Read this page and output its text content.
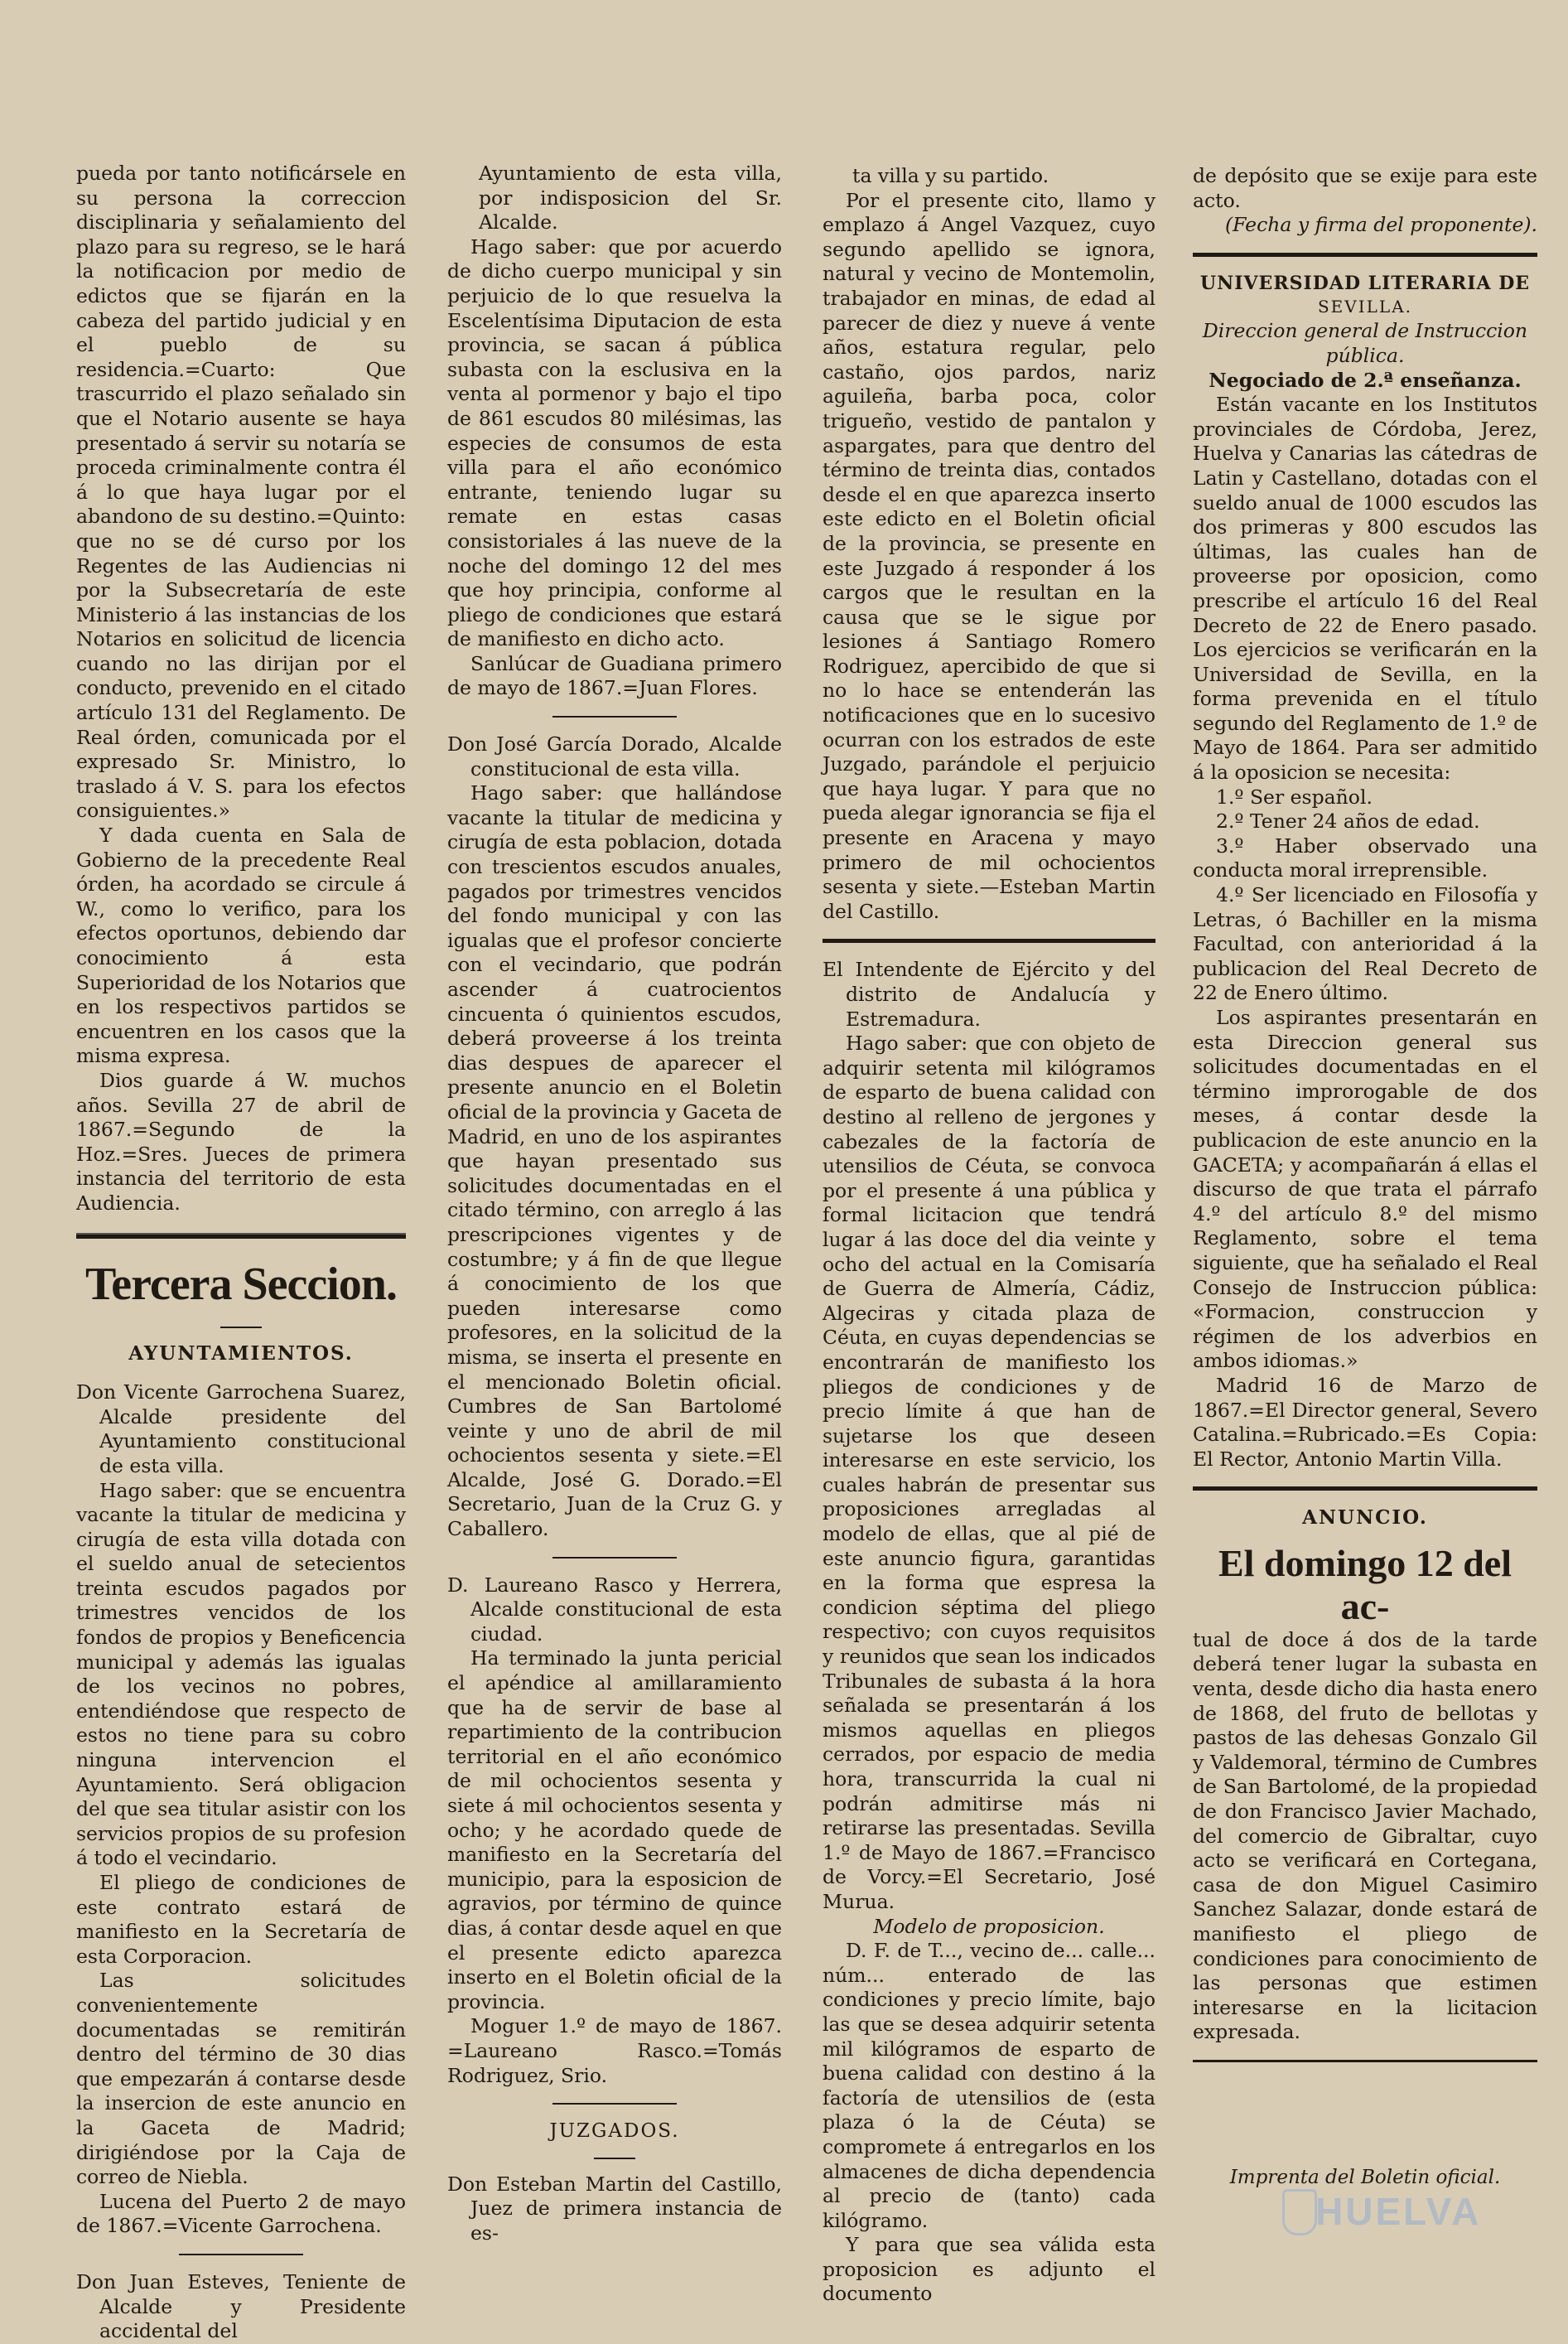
pueda por tanto notificársele en su persona la correccion disciplinaria y señalamiento del plazo para su regreso, se le hará la notificacion por medio de edictos que se fijarán en la cabeza del partido judicial y en el pueblo de su residencia.=Cuarto: Que trascurrido el plazo señalado sin que el Notario ausente se haya presentado á servir su notaría se proceda criminalmente contra él á lo que haya lugar por el abandono de su destino.=Quinto: que no se dé curso por los Regentes de las Audiencias ni por la Subsecretaría de este Ministerio á las instancias de los Notarios en solicitud de licencia cuando no las dirijan por el conducto, prevenido en el citado artículo 131 del Reglamento. De Real órden, comunicada por el expresado Sr. Ministro, lo traslado á V. S. para los efectos consiguientes.»

Y dada cuenta en Sala de Gobierno de la precedente Real órden, ha acordado se circule á W., como lo verifico, para los efectos oportunos, debiendo dar conocimiento á esta Superioridad de los Notarios que en los respectivos partidos se encuentren en los casos que la misma expresa.

Dios guarde á W. muchos años. Sevilla 27 de abril de 1867.=Segundo de la Hoz.=Sres. Jueces de primera instancia del territorio de esta Audiencia.

Tercera Seccion.
AYUNTAMIENTOS.

Don Vicente Garrochena Suarez, Alcalde presidente del Ayuntamiento constitucional de esta villa.

Hago saber: que se encuentra vacante la titular de medicina y cirugía de esta villa dotada con el sueldo anual de setecientos treinta escudos pagados por trimestres vencidos de los fondos de propios y Beneficencia municipal y además las igualas de los vecinos no pobres, entendiéndose que respecto de estos no tiene para su cobro ninguna intervencion el Ayuntamiento. Será obligacion del que sea titular asistir con los servicios propios de su profesion á todo el vecindario.

El pliego de condiciones de este contrato estará de manifiesto en la Secretaría de esta Corporacion.

Las solicitudes convenientemente documentadas se remitirán dentro del término de 30 dias que empezarán á contarse desde la insercion de este anuncio en la Gaceta de Madrid; dirigiéndose por la Caja de correo de Niebla.

Lucena del Puerto 2 de mayo de 1867.=Vicente Garrochena.

Don Juan Esteves, Teniente de Alcalde y Presidente accidental del

Ayuntamiento de esta villa, por indisposicion del Sr. Alcalde.

Hago saber: que por acuerdo de dicho cuerpo municipal y sin perjuicio de lo que resuelva la Escelentísima Diputacion de esta provincia, se sacan á pública subasta con la esclusiva en la venta al pormenor y bajo el tipo de 861 escudos 80 milésimas, las especies de consumos de esta villa para el año económico entrante, teniendo lugar su remate en estas casas consistoriales á las nueve de la noche del domingo 12 del mes que hoy principia, conforme al pliego de condiciones que estará de manifiesto en dicho acto.

Sanlúcar de Guadiana primero de mayo de 1867.=Juan Flores.

Don José García Dorado, Alcalde constitucional de esta villa.

Hago saber: que hallándose vacante la titular de medicina y cirugía de esta poblacion, dotada con trescientos escudos anuales, pagados por trimestres vencidos del fondo municipal y con las igualas que el profesor concierte con el vecindario, que podrán ascender á cuatrocientos cincuenta ó quinientos escudos, deberá proveerse á los treinta dias despues de aparecer el presente anuncio en el Boletin oficial de la provincia y Gaceta de Madrid, en uno de los aspirantes que hayan presentado sus solicitudes documentadas en el citado término, con arreglo á las prescripciones vigentes y de costumbre; y á fin de que llegue á conocimiento de los que pueden interesarse como profesores, en la solicitud de la misma, se inserta el presente en el mencionado Boletin oficial. Cumbres de San Bartolomé veinte y uno de abril de mil ochocientos sesenta y siete.=El Alcalde, José G. Dorado.=El Secretario, Juan de la Cruz G. y Caballero.

D. Laureano Rasco y Herrera, Alcalde constitucional de esta ciudad.

Ha terminado la junta pericial el apéndice al amillaramiento que ha de servir de base al repartimiento de la contribucion territorial en el año económico de mil ochocientos sesenta y siete á mil ochocientos sesenta y ocho; y he acordado quede de manifiesto en la Secretaría del municipio, para la esposicion de agravios, por término de quince dias, á contar desde aquel en que el presente edicto aparezca inserto en el Boletin oficial de la provincia.

Moguer 1.º de mayo de 1867. =Laureano Rasco.=Tomás Rodriguez, Srio.

JUZGADOS.

Don Esteban Martin del Castillo, Juez de primera instancia de es-

ta villa y su partido.

Por el presente cito, llamo y emplazo á Angel Vazquez, cuyo segundo apellido se ignora, natural y vecino de Montemolin, trabajador en minas, de edad al parecer de diez y nueve á vente años, estatura regular, pelo castaño, ojos pardos, nariz aguileña, barba poca, color trigueño, vestido de pantalon y aspargates, para que dentro del término de treinta dias, contados desde el en que aparezca inserto este edicto en el Boletin oficial de la provincia, se presente en este Juzgado á responder á los cargos que le resultan en la causa que se le sigue por lesiones á Santiago Romero Rodriguez, apercibido de que si no lo hace se entenderán las notificaciones que en lo sucesivo ocurran con los estrados de este Juzgado, parándole el perjuicio que haya lugar. Y para que no pueda alegar ignorancia se fija el presente en Aracena y mayo primero de mil ochocientos sesenta y siete.—Esteban Martin del Castillo.

El Intendente de Ejército y del distrito de Andalucía y Estremadura.

Hago saber: que con objeto de adquirir setenta mil kilógramos de esparto de buena calidad con destino al relleno de jergones y cabezales de la factoría de utensilios de Céuta, se convoca por el presente á una pública y formal licitacion que tendrá lugar á las doce del dia veinte y ocho del actual en la Comisaría de Guerra de Almería, Cádiz, Algeciras y citada plaza de Céuta, en cuyas dependencias se encontrarán de manifiesto los pliegos de condiciones y de precio límite á que han de sujetarse los que deseen interesarse en este servicio, los cuales habrán de presentar sus proposiciones arregladas al modelo de ellas, que al pié de este anuncio figura, garantidas en la forma que espresa la condicion séptima del pliego respectivo; con cuyos requisitos y reunidos que sean los indicados Tribunales de subasta á la hora señalada se presentarán á los mismos aquellas en pliegos cerrados, por espacio de media hora, transcurrida la cual ni podrán admitirse más ni retirarse las presentadas. Sevilla 1.º de Mayo de 1867.=Francisco de Vorcy.=El Secretario, José Murua.

Modelo de proposicion.

D. F. de T..., vecino de... calle... núm... enterado de las condiciones y precio límite, bajo las que se desea adquirir setenta mil kilógramos de esparto de buena calidad con destino á la factoría de utensilios de (esta plaza ó la de Céuta) se compromete á entregarlos en los almacenes de dicha dependencia al precio de (tanto) cada kilógramo.

Y para que sea válida esta proposicion es adjunto el documento

de depósito que se exije para este acto.

(Fecha y firma del proponente).

UNIVERSIDAD LITERARIA DE
SEVILLA.

Direccion general de Instruccion pública.

Negociado de 2.ª enseñanza.

Están vacante en los Institutos provinciales de Córdoba, Jerez, Huelva y Canarias las cátedras de Latin y Castellano, dotadas con el sueldo anual de 1000 escudos las dos primeras y 800 escudos las últimas, las cuales han de proveerse por oposicion, como prescribe el artículo 16 del Real Decreto de 22 de Enero pasado. Los ejercicios se verificarán en la Universidad de Sevilla, en la forma prevenida en el título segundo del Reglamento de 1.º de Mayo de 1864. Para ser admitido á la oposicion se necesita:

1.º Ser español.

2.º Tener 24 años de edad.

3.º Haber observado una conducta moral irreprensible.

4.º Ser licenciado en Filosofía y Letras, ó Bachiller en la misma Facultad, con anterioridad á la publicacion del Real Decreto de 22 de Enero último.

Los aspirantes presentarán en esta Direccion general sus solicitudes documentadas en el término improrogable de dos meses, á contar desde la publicacion de este anuncio en la GACETA; y acompañarán á ellas el discurso de que trata el párrafo 4.º del artículo 8.º del mismo Reglamento, sobre el tema siguiente, que ha señalado el Real Consejo de Instruccion pública: «Formacion, construccion y régimen de los adverbios en ambos idiomas.»

Madrid 16 de Marzo de 1867.=El Director general, Severo Catalina.=Rubricado.=Es Copia: El Rector, Antonio Martin Villa.

ANUNCIO.
El domingo 12 del ac-

tual de doce á dos de la tarde deberá tener lugar la subasta en venta, desde dicho dia hasta enero de 1868, del fruto de bellotas y pastos de las dehesas Gonzalo Gil y Valdemoral, término de Cumbres de San Bartolomé, de la propiedad de don Francisco Javier Machado, del comercio de Gibraltar, cuyo acto se verificará en Cortegana, casa de don Miguel Casimiro Sanchez Salazar, donde estará de manifiesto el pliego de condiciones para conocimiento de las personas que estimen interesarse en la licitacion expresada.

Imprenta del Boletin oficial.
HUELVA
